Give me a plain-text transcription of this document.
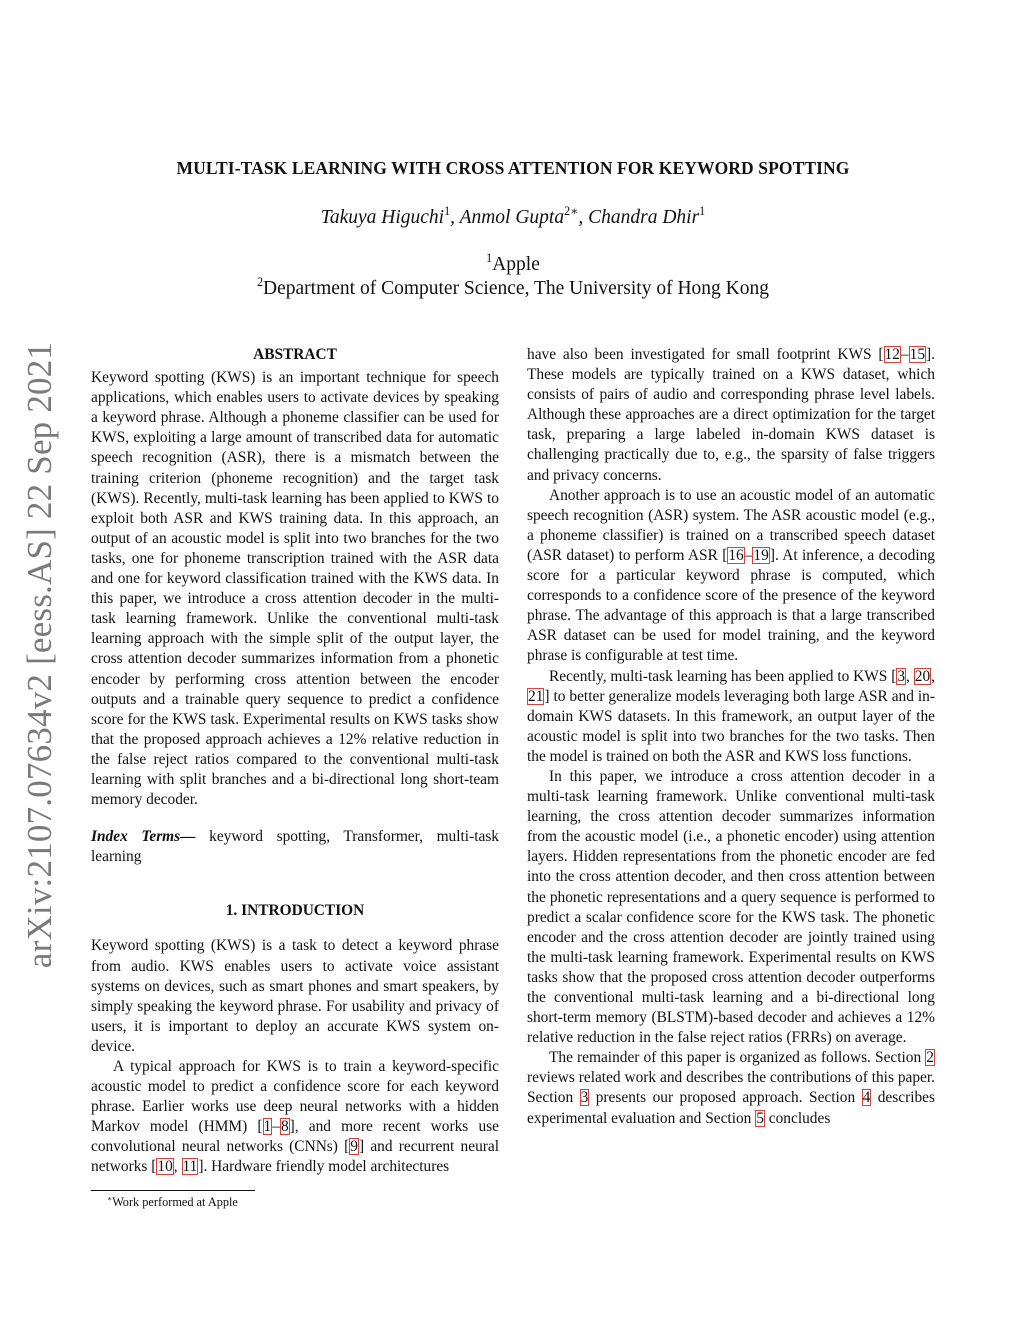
arXiv:2107.07634v2 [eess.AS] 22 Sep 2021
MULTI-TASK LEARNING WITH CROSS ATTENTION FOR KEYWORD SPOTTING
Takuya Higuchi$^1$, Anmol Gupta$^{2∗}$, Chandra Dhir$^1$
$^1$Apple
$^2$Department of Computer Science, The University of Hong Kong
ABSTRACT

Keyword spotting (KWS) is an important technique for speech applications, which enables users to activate devices by speaking a keyword phrase. Although a phoneme classifier can be used for KWS, exploiting a large amount of transcribed data for automatic speech recognition (ASR), there is a mismatch between the training criterion (phoneme recognition) and the target task (KWS). Recently, multi-task learning has been applied to KWS to exploit both ASR and KWS training data. In this approach, an output of an acoustic model is split into two branches for the two tasks, one for phoneme transcription trained with the ASR data and one for keyword classification trained with the KWS data. In this paper, we introduce a cross attention decoder in the multi-task learning framework. Unlike the conventional multi-task learning approach with the simple split of the output layer, the cross attention decoder summarizes information from a phonetic encoder by performing cross attention between the encoder outputs and a trainable query sequence to predict a confidence score for the KWS task. Experimental results on KWS tasks show that the proposed approach achieves a 12% relative reduction in the false reject ratios compared to the conventional multi-task learning with split branches and a bi-directional long short-team memory decoder.

Index Terms— keyword spotting, Transformer, multi-task learning

1. INTRODUCTION

Keyword spotting (KWS) is a task to detect a keyword phrase from audio. KWS enables users to activate voice assistant systems on devices, such as smart phones and smart speakers, by simply speaking the keyword phrase. For usability and privacy of users, it is important to deploy an accurate KWS system on-device.

A typical approach for KWS is to train a keyword-specific acoustic model to predict a confidence score for each keyword phrase. Earlier works use deep neural networks with a hidden Markov model (HMM) [1–8], and more recent works use convolutional neural networks (CNNs) [9] and recurrent neural networks [10, 11]. Hardware friendly model architectures

have also been investigated for small footprint KWS [12–15]. These models are typically trained on a KWS dataset, which consists of pairs of audio and corresponding phrase level labels. Although these approaches are a direct optimization for the target task, preparing a large labeled in-domain KWS dataset is challenging practically due to, e.g., the sparsity of false triggers and privacy concerns.

Another approach is to use an acoustic model of an automatic speech recognition (ASR) system. The ASR acoustic model (e.g., a phoneme classifier) is trained on a transcribed speech dataset (ASR dataset) to perform ASR [16–19]. At inference, a decoding score for a particular keyword phrase is computed, which corresponds to a confidence score of the presence of the keyword phrase. The advantage of this approach is that a large transcribed ASR dataset can be used for model training, and the keyword phrase is configurable at test time.

Recently, multi-task learning has been applied to KWS [3, 20, 21] to better generalize models leveraging both large ASR and in-domain KWS datasets. In this framework, an output layer of the acoustic model is split into two branches for the two tasks. Then the model is trained on both the ASR and KWS loss functions.

In this paper, we introduce a cross attention decoder in a multi-task learning framework. Unlike conventional multi-task learning, the cross attention decoder summarizes information from the acoustic model (i.e., a phonetic encoder) using attention layers. Hidden representations from the phonetic encoder are fed into the cross attention decoder, and then cross attention between the phonetic representations and a query sequence is performed to predict a scalar confidence score for the KWS task. The phonetic encoder and the cross attention decoder are jointly trained using the multi-task learning framework. Experimental results on KWS tasks show that the proposed cross attention decoder outperforms the conventional multi-task learning and a bi-directional long short-term memory (BLSTM)-based decoder and achieves a 12% relative reduction in the false reject ratios (FRRs) on average.

The remainder of this paper is organized as follows. Section 2 reviews related work and describes the contributions of this paper. Section 3 presents our proposed approach. Section 4 describes experimental evaluation and Section 5 concludes

∗Work performed at Apple
